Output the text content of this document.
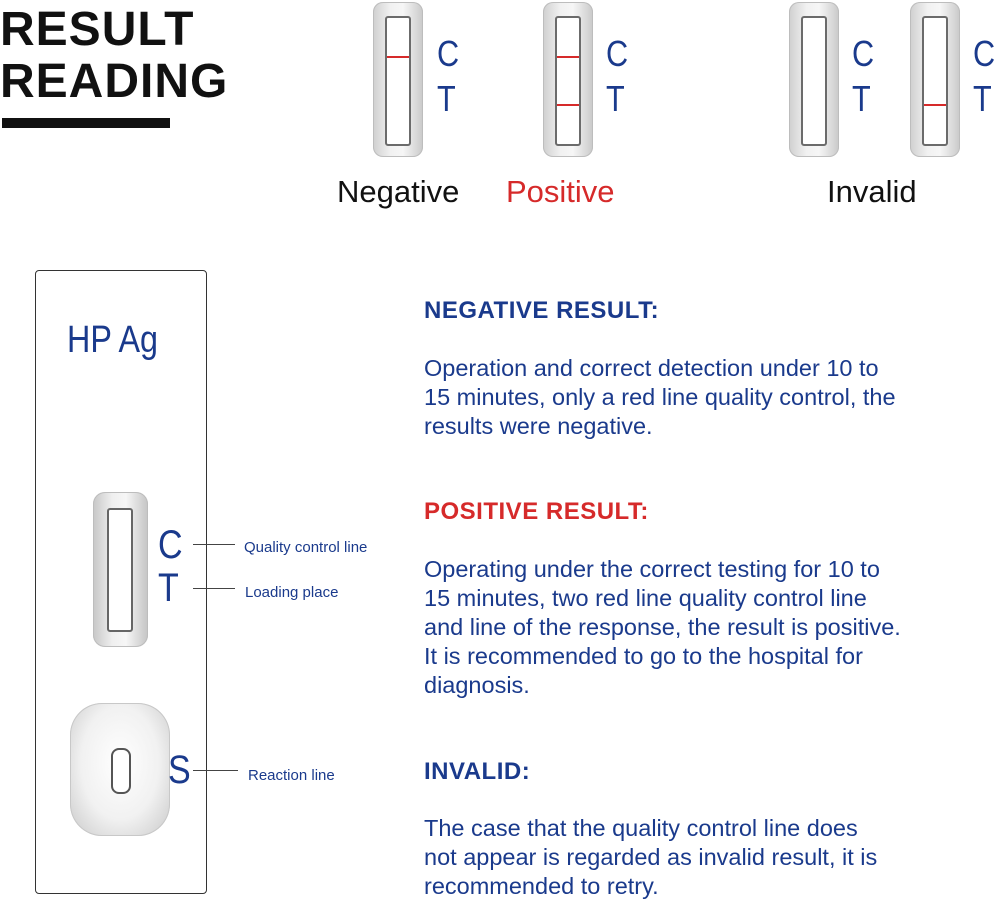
RESULT
READING
C
T
Negative
C
T
Positive
C
T
C
T
Invalid
HP Ag
C
T
S
Quality control line
Loading place
Reaction line
NEGATIVE RESULT:
Operation and correct detection under 10 to
15 minutes, only a red line quality control, the
results were negative.
POSITIVE RESULT:
Operating under the correct testing for 10 to
15 minutes, two red line quality control line
and line of the response, the result is positive.
It is recommended to go to the hospital for
diagnosis.
INVALID:
The case that the quality control line does
not appear is regarded as invalid result, it is
recommended to retry.
